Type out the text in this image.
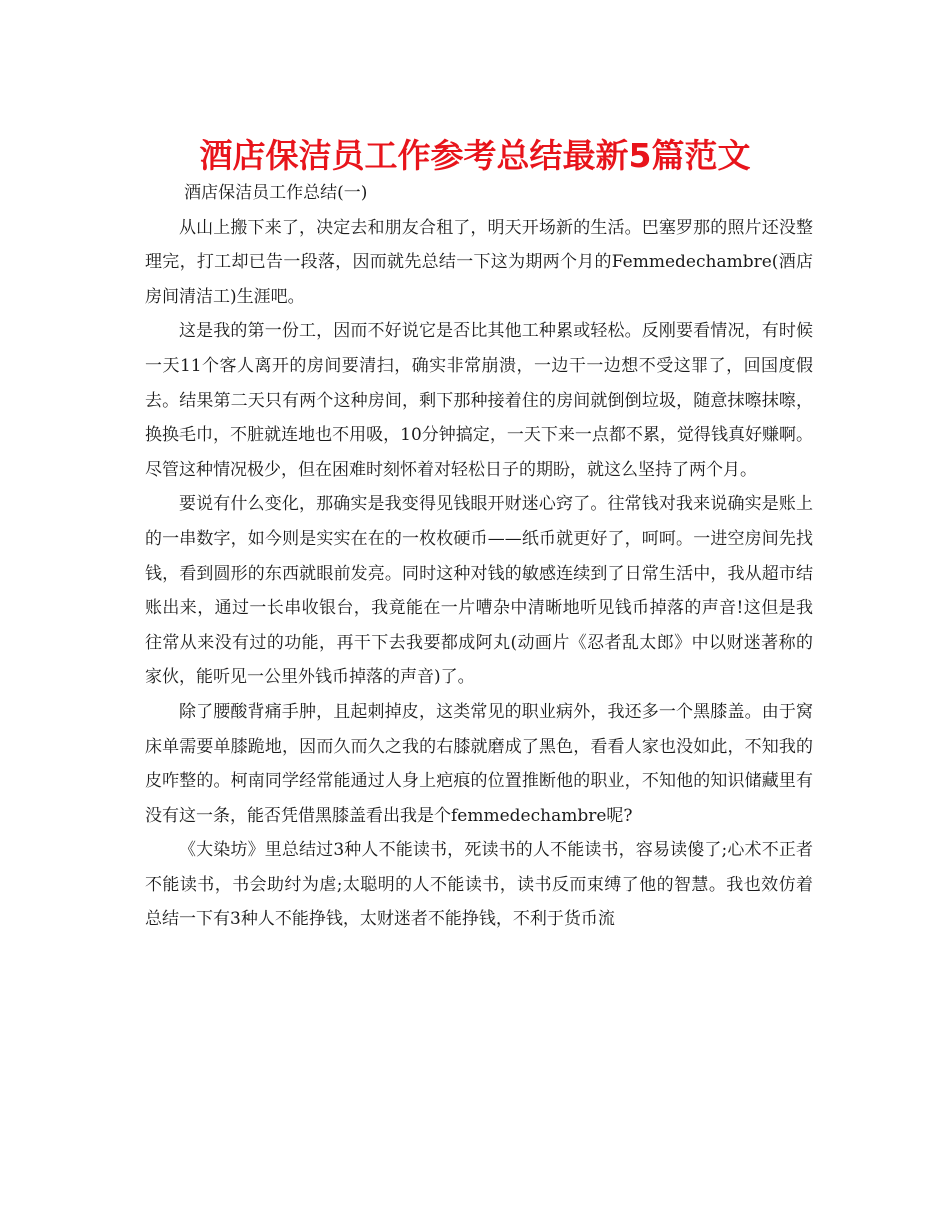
酒店保洁员工作参考总结最新5篇范文

酒店保洁员工作总结(一)

从山上搬下来了，决定去和朋友合租了，明天开场新的生活。巴塞罗那的照片还没整理完，打工却已告一段落，因而就先总结一下这为期两个月的Femmedechambre(酒店房间清洁工)生涯吧。

这是我的第一份工，因而不好说它是否比其他工种累或轻松。反刚要看情况，有时候一天11个客人离开的房间要清扫，确实非常崩溃，一边干一边想不受这罪了，回国度假去。结果第二天只有两个这种房间，剩下那种接着住的房间就倒倒垃圾，随意抹嚓抹嚓，换换毛巾，不脏就连地也不用吸，10分钟搞定，一天下来一点都不累，觉得钱真好赚啊。尽管这种情况极少，但在困难时刻怀着对轻松日子的期盼，就这么坚持了两个月。

要说有什么变化，那确实是我变得见钱眼开财迷心窍了。往常钱对我来说确实是账上的一串数字，如今则是实实在在的一枚枚硬币——纸币就更好了，呵呵。一进空房间先找钱，看到圆形的东西就眼前发亮。同时这种对钱的敏感连续到了日常生活中，我从超市结账出来，通过一长串收银台，我竟能在一片嘈杂中清晰地听见钱币掉落的声音!这但是我往常从来没有过的功能，再干下去我要都成阿丸(动画片《忍者乱太郎》中以财迷著称的家伙，能听见一公里外钱币掉落的声音)了。

除了腰酸背痛手肿，且起刺掉皮，这类常见的职业病外，我还多一个黑膝盖。由于窝床单需要单膝跪地，因而久而久之我的右膝就磨成了黑色，看看人家也没如此，不知我的皮咋整的。柯南同学经常能通过人身上疤痕的位置推断他的职业，不知他的知识储藏里有没有这一条，能否凭借黑膝盖看出我是个femmedechambre呢?

《大染坊》里总结过3种人不能读书，死读书的人不能读书，容易读傻了;心术不正者不能读书，书会助纣为虐;太聪明的人不能读书，读书反而束缚了他的智慧。我也效仿着总结一下有3种人不能挣钱，太财迷者不能挣钱，不利于货币流
